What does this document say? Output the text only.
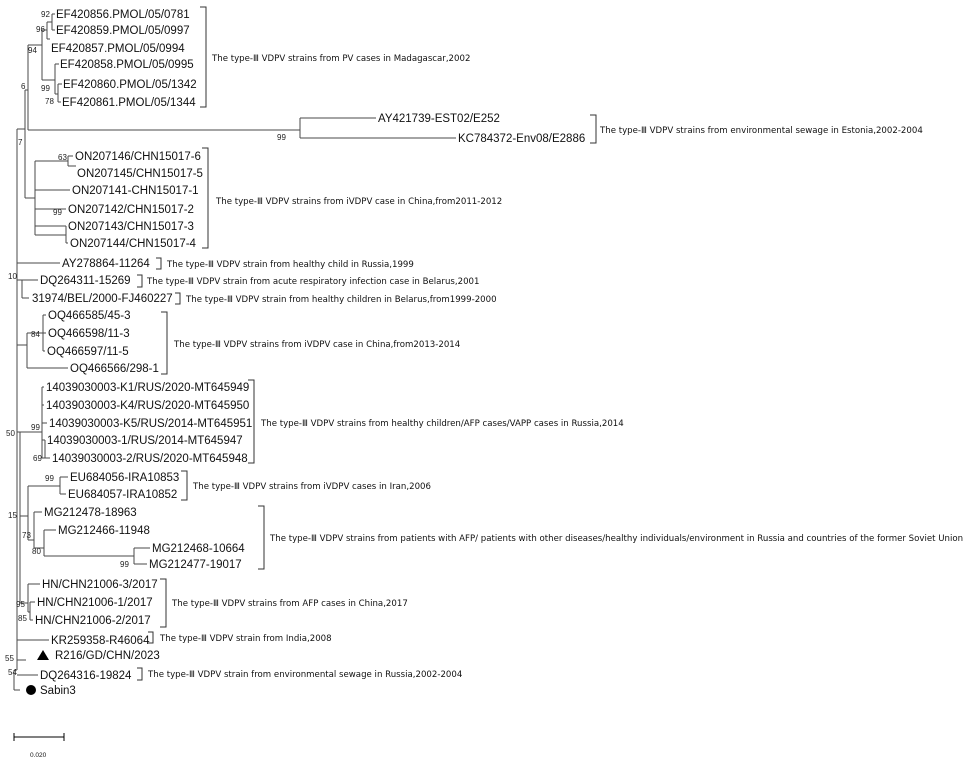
EF420856.PMOL/05/0781
EF420859.PMOL/05/0997
EF420857.PMOL/05/0994
EF420858.PMOL/05/0995
EF420860.PMOL/05/1342
EF420861.PMOL/05/1344
AY421739-EST02/E252
KC784372-Env08/E2886
ON207146/CHN15017-6
ON207145/CHN15017-5
ON207141-CHN15017-1
ON207142/CHN15017-2
ON207143/CHN15017-3
ON207144/CHN15017-4
AY278864-11264
DQ264311-15269
31974/BEL/2000-FJ460227
OQ466585/45-3
OQ466598/11-3
OQ466597/11-5
OQ466566/298-1
14039030003-K1/RUS/2020-MT645949
14039030003-K4/RUS/2020-MT645950
14039030003-K5/RUS/2014-MT645951
14039030003-1/RUS/2014-MT645947
14039030003-2/RUS/2020-MT645948
EU684056-IRA10853
EU684057-IRA10852
MG212478-18963
MG212466-11948
MG212468-10664
MG212477-19017
HN/CHN21006-3/2017
HN/CHN21006-1/2017
HN/CHN21006-2/2017
KR259358-R46064
R216/GD/CHN/2023
DQ264316-19824
Sabin3
92
96
94
99
78
6
99
7
63
99
10
84
99
69
50
99
15
73
80
99
95
85
55
54
The type-Ⅲ VDPV strains from PV cases in Madagascar,2002
The type-Ⅲ VDPV strains from environmental sewage in Estonia,2002-2004
The type-Ⅲ VDPV strains from iVDPV case in China,from2011-2012
The type-Ⅲ VDPV strain from healthy child in Russia,1999
The type-Ⅲ VDPV strain from acute respiratory infection case in Belarus,2001
The type-Ⅲ VDPV strain from healthy children in Belarus,from1999-2000
The type-Ⅲ VDPV strains from iVDPV case in China,from2013-2014
The type-Ⅲ VDPV strains from healthy children/AFP cases/VAPP cases in Russia,2014
The type-Ⅲ VDPV strains from iVDPV cases in Iran,2006
The type-Ⅲ VDPV strains from patients with AFP/ patients with other diseases/healthy individuals/environment in Russia and countries of the former Soviet Union
The type-Ⅲ VDPV strains from AFP cases in China,2017
The type-Ⅲ VDPV strain from India,2008
The type-Ⅲ VDPV strain from environmental sewage in Russia,2002-2004
0.020
